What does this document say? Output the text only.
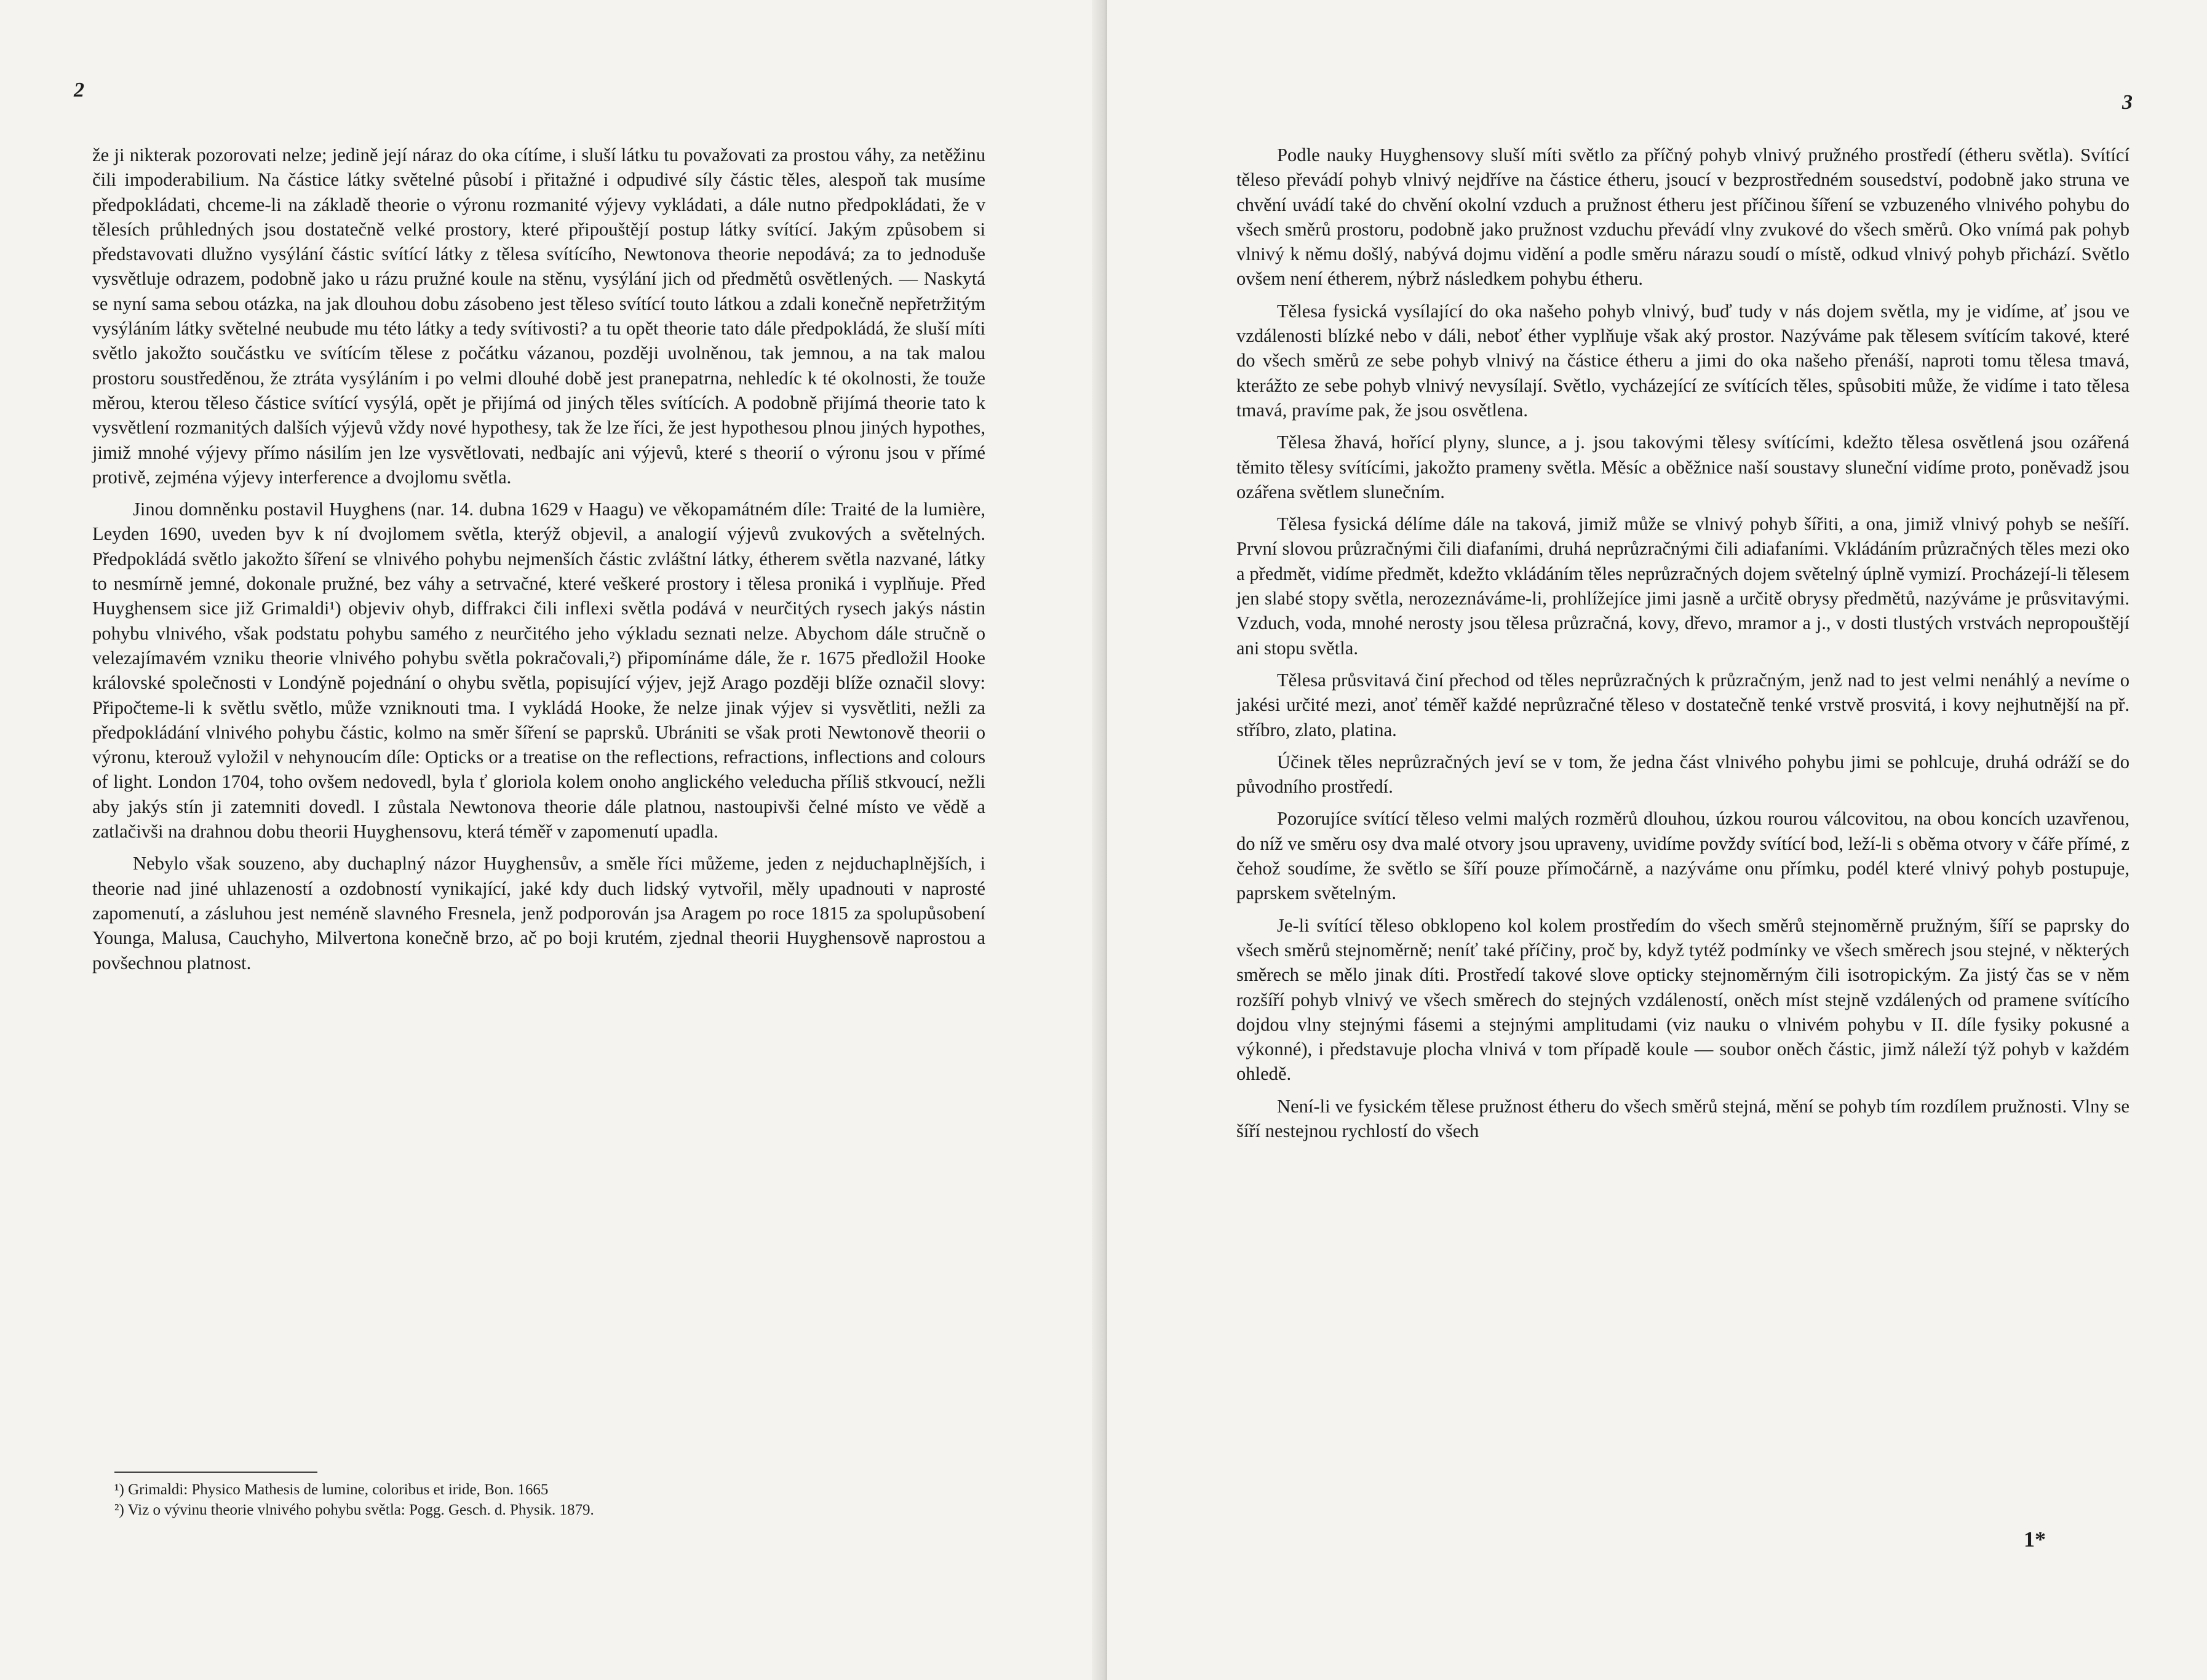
2

že ji nikterak pozorovati nelze; jedině její náraz do oka cítíme, i sluší látku tu považovati za prostou váhy, za netěžinu čili impoderabilium. Na částice látky světelné působí i přitažné i odpudivé síly částic těles, alespoň tak musíme předpokládati, chceme-li na základě theorie o výronu rozmanité výjevy vykládati, a dále nutno předpokládati, že v tělesích průhledných jsou dostatečně velké prostory, které připouštějí postup látky svítící. Jakým způsobem si představovati dlužno vysýlání částic svítící látky z tělesa svítícího, Newtonova theorie nepodává; za to jednoduše vysvětluje odrazem, podobně jako u rázu pružné koule na stěnu, vysýlání jich od předmětů osvětlených. — Naskytá se nyní sama sebou otázka, na jak dlouhou dobu zásobeno jest těleso svítící touto látkou a zdali konečně nepřetržitým vysýláním látky světelné neubude mu této látky a tedy svítivosti? a tu opět theorie tato dále předpokládá, že sluší míti světlo jakožto součástku ve svítícím tělese z počátku vázanou, později uvolněnou, tak jemnou, a na tak malou prostoru soustředěnou, že ztráta vysýláním i po velmi dlouhé době jest pranepatrna, nehledíc k té okolnosti, že touže měrou, kterou těleso částice svítící vysýlá, opět je přijímá od jiných těles svítících. A podobně přijímá theorie tato k vysvětlení rozmanitých dalších výjevů vždy nové hypothesy, tak že lze říci, že jest hypothesou plnou jiných hypothes, jimiž mnohé výjevy přímo násilím jen lze vysvětlovati, nedbajíc ani výjevů, které s theorií o výronu jsou v přímé protivě, zejména výjevy interference a dvojlomu světla.

Jinou domněnku postavil Huyghens (nar. 14. dubna 1629 v Haagu) ve věkopamátném díle: Traité de la lumière, Leyden 1690, uveden byv k ní dvojlomem světla, kterýž objevil, a analogií výjevů zvukových a světelných. Předpokládá světlo jakožto šíření se vlnivého pohybu nejmenších částic zvláštní látky, étherem světla nazvané, látky to nesmírně jemné, dokonale pružné, bez váhy a setrvačné, které veškeré prostory i tělesa proniká i vyplňuje. Před Huyghensem sice již Grimaldi¹) objeviv ohyb, diffrakci čili inflexi světla podává v neurčitých rysech jakýs nástin pohybu vlnivého, však podstatu pohybu samého z neurčitého jeho výkladu seznati nelze. Abychom dále stručně o velezajímavém vzniku theorie vlnivého pohybu světla pokračovali,²) připomínáme dále, že r. 1675 předložil Hooke královské společnosti v Londýně pojednání o ohybu světla, popisující výjev, jejž Arago později blíže označil slovy: Připočteme-li k světlu světlo, může vzniknouti tma. I vykládá Hooke, že nelze jinak výjev si vysvětliti, nežli za předpokládání vlnivého pohybu částic, kolmo na směr šíření se paprsků. Ubrániti se však proti Newtonově theorii o výronu, kterouž vyložil v nehynoucím díle: Opticks or a treatise on the reflections, refractions, inflections and colours of light. London 1704, toho ovšem nedovedl, byla ť gloriola kolem onoho anglického veleducha příliš stkvoucí, nežli aby jakýs stín ji zatemniti dovedl. I zůstala Newtonova theorie dále platnou, nastoupivši čelné místo ve vědě a zatlačivši na drahnou dobu theorii Huyghensovu, která téměř v zapomenutí upadla.

Nebylo však souzeno, aby duchaplný názor Huyghensův, a směle říci můžeme, jeden z nejduchaplnějších, i theorie nad jiné uhlazeností a ozdobností vynikající, jaké kdy duch lidský vytvořil, měly upadnouti v naprosté zapomenutí, a zásluhou jest neméně slavného Fresnela, jenž podporován jsa Aragem po roce 1815 za spolupůsobení Younga, Malusa, Cauchyho, Milvertona konečně brzo, ač po boji krutém, zjednal theorii Huyghensově naprostou a povšechnou platnost.

¹) Grimaldi: Physico Mathesis de lumine, coloribus et iride, Bon. 1665

²) Viz o vývinu theorie vlnivého pohybu světla: Pogg. Gesch. d. Physik. 1879.

3

Podle nauky Huyghensovy sluší míti světlo za příčný pohyb vlnivý pružného prostředí (étheru světla). Svítící těleso převádí pohyb vlnivý nejdříve na částice étheru, jsoucí v bezprostředném sousedství, podobně jako struna ve chvění uvádí také do chvění okolní vzduch a pružnost étheru jest příčinou šíření se vzbuzeného vlnivého pohybu do všech směrů prostoru, podobně jako pružnost vzduchu převádí vlny zvukové do všech směrů. Oko vnímá pak pohyb vlnivý k němu došlý, nabývá dojmu vidění a podle směru nárazu soudí o místě, odkud vlnivý pohyb přichází. Světlo ovšem není étherem, nýbrž následkem pohybu étheru.

Tělesa fysická vysílající do oka našeho pohyb vlnivý, buď tudy v nás dojem světla, my je vidíme, ať jsou ve vzdálenosti blízké nebo v dáli, neboť éther vyplňuje však aký prostor. Nazýváme pak tělesem svítícím takové, které do všech směrů ze sebe pohyb vlnivý na částice étheru a jimi do oka našeho přenáší, naproti tomu tělesa tmavá, kterážto ze sebe pohyb vlnivý nevysílají. Světlo, vycházející ze svítících těles, spůsobiti může, že vidíme i tato tělesa tmavá, pravíme pak, že jsou osvětlena.

Tělesa žhavá, hořící plyny, slunce, a j. jsou takovými tělesy svítícími, kdežto tělesa osvětlená jsou ozářená těmito tělesy svítícími, jakožto prameny světla. Měsíc a oběžnice naší soustavy sluneční vidíme proto, poněvadž jsou ozářena světlem slunečním.

Tělesa fysická délíme dále na taková, jimiž může se vlnivý pohyb šířiti, a ona, jimiž vlnivý pohyb se nešíří. První slovou průzračnými čili diafaními, druhá neprůzračnými čili adiafaními. Vkládáním průzračných těles mezi oko a předmět, vidíme předmět, kdežto vkládáním těles neprůzračných dojem světelný úplně vymizí. Procházejí-li tělesem jen slabé stopy světla, nerozeznáváme-li, prohlížejíce jimi jasně a určitě obrysy předmětů, nazýváme je průsvitavými. Vzduch, voda, mnohé nerosty jsou tělesa průzračná, kovy, dřevo, mramor a j., v dosti tlustých vrstvách nepropouštějí ani stopu světla.

Tělesa průsvitavá činí přechod od těles neprůzračných k průzračným, jenž nad to jest velmi nenáhlý a nevíme o jakési určité mezi, anoť téměř každé neprůzračné těleso v dostatečně tenké vrstvě prosvitá, i kovy nejhutnější na př. stříbro, zlato, platina.

Účinek těles neprůzračných jeví se v tom, že jedna část vlnivého pohybu jimi se pohlcuje, druhá odráží se do původního prostředí.

Pozorujíce svítící těleso velmi malých rozměrů dlouhou, úzkou rourou válcovitou, na obou koncích uzavřenou, do níž ve směru osy dva malé otvory jsou upraveny, uvidíme povždy svítící bod, leží-li s oběma otvory v čáře přímé, z čehož soudíme, že světlo se šíří pouze přímočárně, a nazýváme onu přímku, podél které vlnivý pohyb postupuje, paprskem světelným.

Je-li svítící těleso obklopeno kol kolem prostředím do všech směrů stejnoměrně pružným, šíří se paprsky do všech směrů stejnoměrně; neníť také příčiny, proč by, když tytéž podmínky ve všech směrech jsou stejné, v některých směrech se mělo jinak díti. Prostředí takové slove opticky stejnoměrným čili isotropickým. Za jistý čas se v něm rozšíří pohyb vlnivý ve všech směrech do stejných vzdáleností, oněch míst stejně vzdálených od pramene svítícího dojdou vlny stejnými fásemi a stejnými amplitudami (viz nauku o vlnivém pohybu v II. díle fysiky pokusné a výkonné), i představuje plocha vlnivá v tom případě koule — soubor oněch částic, jimž náleží týž pohyb v každém ohledě.

Není-li ve fysickém tělese pružnost étheru do všech směrů stejná, mění se pohyb tím rozdílem pružnosti. Vlny se šíří nestejnou rychlostí do všech

1*
